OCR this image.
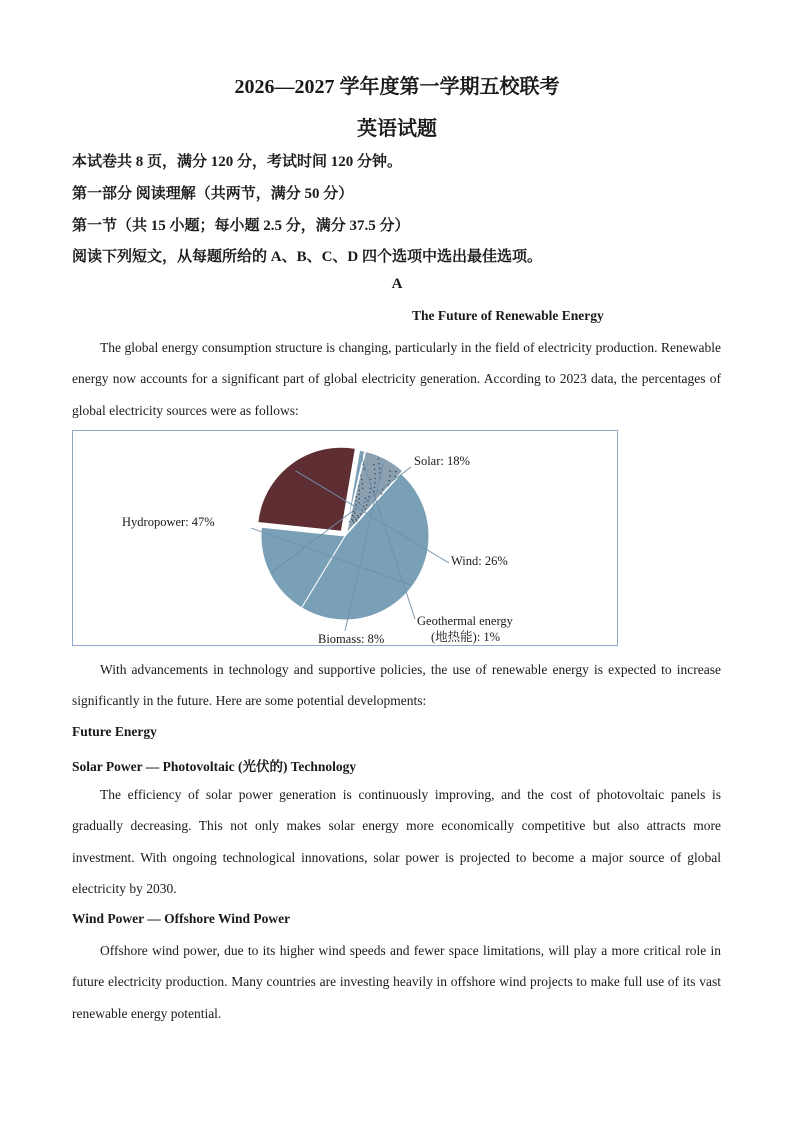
2026—2027 学年度第一学期五校联考
英语试题
本试卷共 8 页，满分 120 分，考试时间 120 分钟。
第一部分 阅读理解（共两节，满分 50 分）
第一节（共 15 小题；每小题 2.5 分，满分 37.5 分）
阅读下列短文，从每题所给的 A、B、C、D 四个选项中选出最佳选项。
A
The Future of Renewable Energy
The global energy consumption structure is changing, particularly in the field of electricity production. Renewable energy now accounts for a significant part of global electricity generation. According to 2023 data, the percentages of global electricity sources were as follows:
Hydropower: 47%
Solar: 18%
Wind: 26%
Geothermal energy (地热能): 1%
Biomass: 8%
With advancements in technology and supportive policies, the use of renewable energy is expected to increase significantly in the future. Here are some potential developments:
Future Energy
Solar Power — Photovoltaic (光伏的) Technology
The efficiency of solar power generation is continuously improving, and the cost of photovoltaic panels is gradually decreasing. This not only makes solar energy more economically competitive but also attracts more investment. With ongoing technological innovations, solar power is projected to become a major source of global electricity by 2030.
Wind Power — Offshore Wind Power
Offshore wind power, due to its higher wind speeds and fewer space limitations, will play a more critical role in future electricity production. Many countries are investing heavily in offshore wind projects to make full use of its vast renewable energy potential.
